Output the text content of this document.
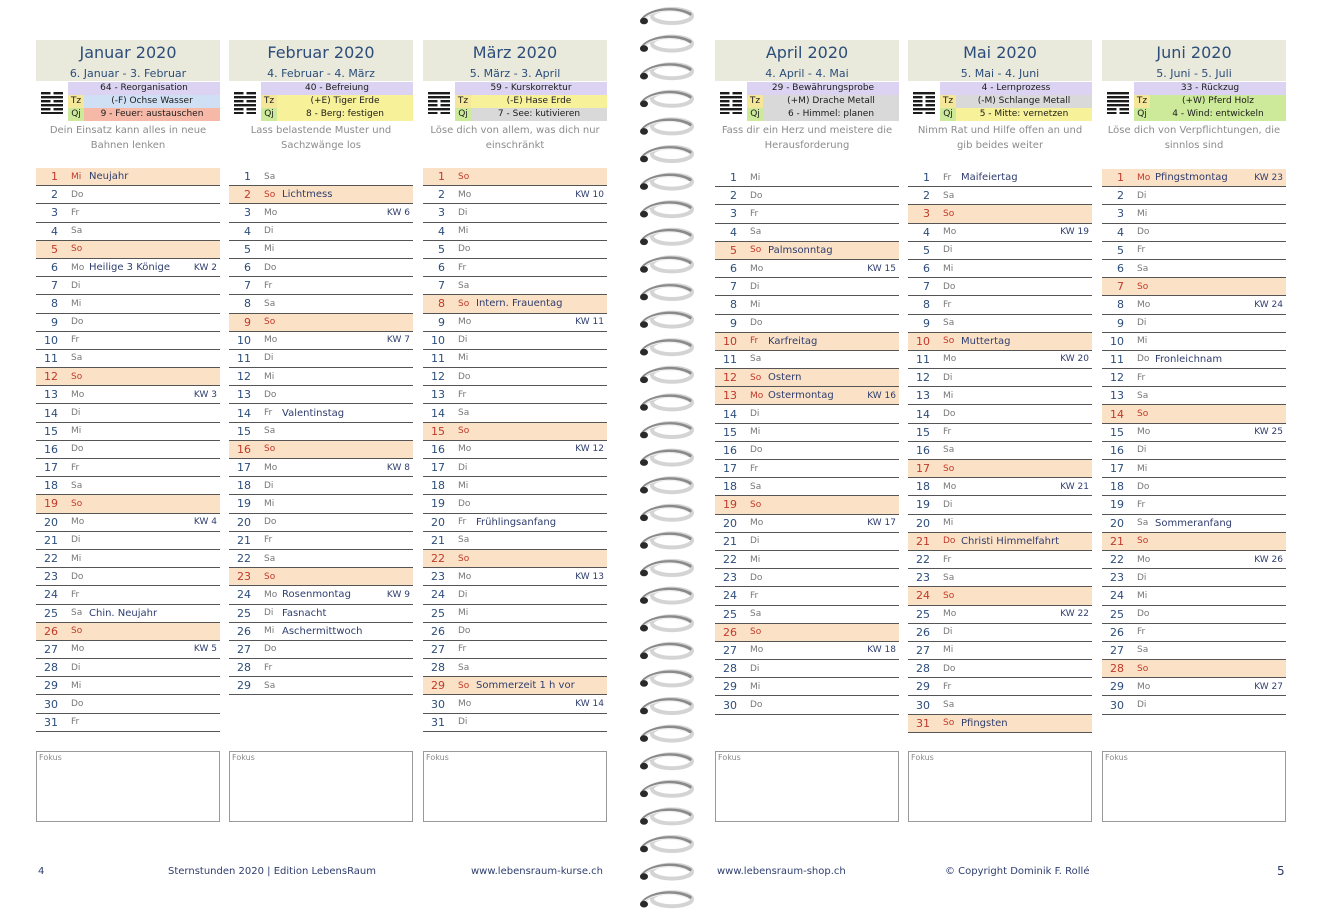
Januar 2020
6. Januar - 3. Februar
64 - Reorganisation
Tz	(-F) Ochse Wasser
Qj	9 - Feuer: austauschen
Dein Einsatz kann alles in neue
Bahnen lenken
1 Mi Neujahr
2 Do
3 Fr
4 Sa
5 So
6 Mo Heilige 3 Könige	KW 2
7 Di
8 Mi
9 Do
10 Fr
11 Sa
12 So
13 Mo	KW 3
14 Di
15 Mi
16 Do
17 Fr
18 Sa
19 So
20 Mo	KW 4
21 Di
22 Mi
23 Do
24 Fr
25 Sa Chin. Neujahr
26 So
27 Mo	KW 5
28 Di
29 Mi
30 Do
31 Fr
Fokus
Februar 2020
4. Februar - 4. März
40 - Befreiung
Tz	(+E) Tiger Erde
Qj	8 - Berg: festigen
Lass belastende Muster und
Sachzwänge los
1 Sa
2 So Lichtmess
3 Mo	KW 6
4 Di
5 Mi
6 Do
7 Fr
8 Sa
9 So
10 Mo	KW 7
11 Di
12 Mi
13 Do
14 Fr Valentinstag
15 Sa
16 So
17 Mo	KW 8
18 Di
19 Mi
20 Do
21 Fr
22 Sa
23 So
24 Mo Rosenmontag	KW 9
25 Di Fasnacht
26 Mi Aschermittwoch
27 Do
28 Fr
29 Sa
Fokus
März 2020
5. März - 3. April
59 - Kurskorrektur
Tz	(-E) Hase Erde
Qj	7 - See: kutivieren
Löse dich von allem, was dich nur
einschränkt
1 So
2 Mo	KW 10
3 Di
4 Mi
5 Do
6 Fr
7 Sa
8 So Intern. Frauentag
9 Mo	KW 11
10 Di
11 Mi
12 Do
13 Fr
14 Sa
15 So
16 Mo	KW 12
17 Di
18 Mi
19 Do
20 Fr Frühlingsanfang
21 Sa
22 So
23 Mo	KW 13
24 Di
25 Mi
26 Do
27 Fr
28 Sa
29 So Sommerzeit 1 h vor
30 Mo	KW 14
31 Di
Fokus
April 2020
4. April - 4. Mai
29 - Bewährungsprobe
Tz	(+M) Drache Metall
Qj	6 - Himmel: planen
Fass dir ein Herz und meistere die
Herausforderung
1 Mi
2 Do
3 Fr
4 Sa
5 So Palmsonntag
6 Mo	KW 15
7 Di
8 Mi
9 Do
10 Fr Karfreitag
11 Sa
12 So Ostern
13 Mo Ostermontag	KW 16
14 Di
15 Mi
16 Do
17 Fr
18 Sa
19 So
20 Mo	KW 17
21 Di
22 Mi
23 Do
24 Fr
25 Sa
26 So
27 Mo	KW 18
28 Di
29 Mi
30 Do
Fokus
Mai 2020
5. Mai - 4. Juni
4 - Lernprozess
Tz	(-M) Schlange Metall
Qj	5 - Mitte: vernetzen
Nimm Rat und Hilfe offen an und
gib beides weiter
1 Fr Maifeiertag
2 Sa
3 So
4 Mo	KW 19
5 Di
6 Mi
7 Do
8 Fr
9 Sa
10 So Muttertag
11 Mo	KW 20
12 Di
13 Mi
14 Do
15 Fr
16 Sa
17 So
18 Mo	KW 21
19 Di
20 Mi
21 Do Christi Himmelfahrt
22 Fr
23 Sa
24 So
25 Mo	KW 22
26 Di
27 Mi
28 Do
29 Fr
30 Sa
31 So Pfingsten
Fokus
Juni 2020
5. Juni - 5. Juli
33 - Rückzug
Tz	(+W) Pferd Holz
Qj	4 - Wind: entwickeln
Löse dich von Verpflichtungen, die
sinnlos sind
1 Mo Pfingstmontag	KW 23
2 Di
3 Mi
4 Do
5 Fr
6 Sa
7 So
8 Mo	KW 24
9 Di
10 Mi
11 Do Fronleichnam
12 Fr
13 Sa
14 So
15 Mo	KW 25
16 Di
17 Mi
18 Do
19 Fr
20 Sa Sommeranfang
21 So
22 Mo	KW 26
23 Di
24 Mi
25 Do
26 Fr
27 Sa
28 So
29 Mo	KW 27
30 Di
Fokus
4	Sternstunden 2020 | Edition LebensRaum	www.lebensraum-kurse.ch	www.lebensraum-shop.ch	© Copyright Dominik F. Rollé	5
